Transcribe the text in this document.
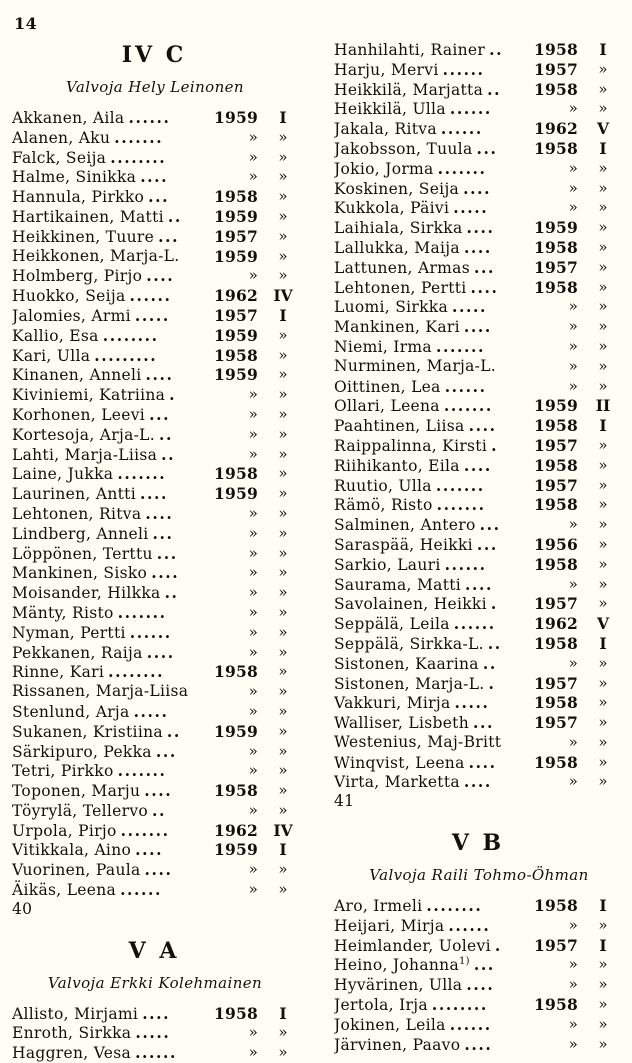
14
IV C
Valvoja Hely Leinonen
Akkanen, Aila ......	1959	I
Alanen, Aku .......	»	»
Falck, Seija ........	»	»
Halme, Sinikka ....	»	»
Hannula, Pirkko ...	1958	»
Hartikainen, Matti ..	1959	»
Heikkinen, Tuure ...	1957	»
Heikkonen, Marja-L.	1959	»
Holmberg, Pirjo ....	»	»
Huokko, Seija ......	1962 IV
Jalomies, Armi .....	1957	I
Kallio, Esa ........	1959	»
Kari, Ulla .........	1958	»
Kinanen, Anneli ....	1959	»
Kiviniemi, Katriina .	»	»
Korhonen, Leevi ...	»	»
Kortesoja, Arja-L. ..	»	»
Lahti, Marja-Liisa ..	»	»
Laine, Jukka .......	1958	»
Laurinen, Antti ....	1959	»
Lehtonen, Ritva ....	»	»
Lindberg, Anneli ...	»	»
Löppönen, Terttu ...	»	»
Mankinen, Sisko ....	»	»
Moisander, Hilkka ..	»	»
Mänty, Risto .......	»	»
Nyman, Pertti ......	»	»
Pekkanen, Raija ....	»	»
Rinne, Kari ........	1958	»
Rissanen, Marja-Liisa	»	»
Stenlund, Arja .....	»	»
Sukanen, Kristiina ..	1959	»
Särkipuro, Pekka ...	»	»
Tetri, Pirkko .......	»	»
Toponen, Marju ....	1958	»
Töyrylä, Tellervo ..	»	»
Urpola, Pirjo .......	1962 IV
Vitikkala, Aino ....	1959	I
Vuorinen, Paula ....	»	»
Äikäs, Leena ......	»	»
40
V A
Valvoja Erkki Kolehmainen
Allisto, Mirjami ....	1958	I
Enroth, Sirkka .....	»	»
Haggren, Vesa ......	»	»
Hanhilahti, Rainer ..	1958	I
Harju, Mervi ......	1957	»
Heikkilä, Marjatta ..	1958	»
Heikkilä, Ulla ......	»	»
Jakala, Ritva ......	1962	V
Jakobsson, Tuula ...	1958	I
Jokio, Jorma .......	»	»
Koskinen, Seija ....	»	»
Kukkola, Päivi .....	»	»
Laihiala, Sirkka ....	1959	»
Lallukka, Maija ....	1958	»
Lattunen, Armas ...	1957	»
Lehtonen, Pertti ....	1958	»
Luomi, Sirkka .....	»	»
Mankinen, Kari ....	»	»
Niemi, Irma .......	»	»
Nurminen, Marja-L.	»	»
Oittinen, Lea ......	»	»
Ollari, Leena .......	1959	II
Paahtinen, Liisa ....	1958	I
Raippalinna, Kirsti .	1957	»
Riihikanto, Eila ....	1958	»
Ruutio, Ulla .......	1957	»
Rämö, Risto .......	1958	»
Salminen, Antero ...	»	»
Saraspää, Heikki ...	1956	»
Sarkio, Lauri ......	1958	»
Saurama, Matti ....	»	»
Savolainen, Heikki .	1957	»
Seppälä, Leila ......	1962	V
Seppälä, Sirkka-L. ..	1958	I
Sistonen, Kaarina ..	»	»
Sistonen, Marja-L. .	1957	»
Vakkuri, Mirja .....	1958	»
Walliser, Lisbeth ...	1957	»
Westenius, Maj-Britt	»	»
Winqvist, Leena ....	1958	»
Virta, Marketta ....	»	»
41
V B
Valvoja Raili Tohmo-Öhman
Aro, Irmeli ........	1958	I
Heijari, Mirja ......	»	»
Heimlander, Uolevi .	1957	I
Heino, Johanna$^{1)}$ ...	»	»
Hyvärinen, Ulla ....	»	»
Jertola, Irja ........	1958	»
Jokinen, Leila ......	»	»
Järvinen, Paavo ....	»	»
